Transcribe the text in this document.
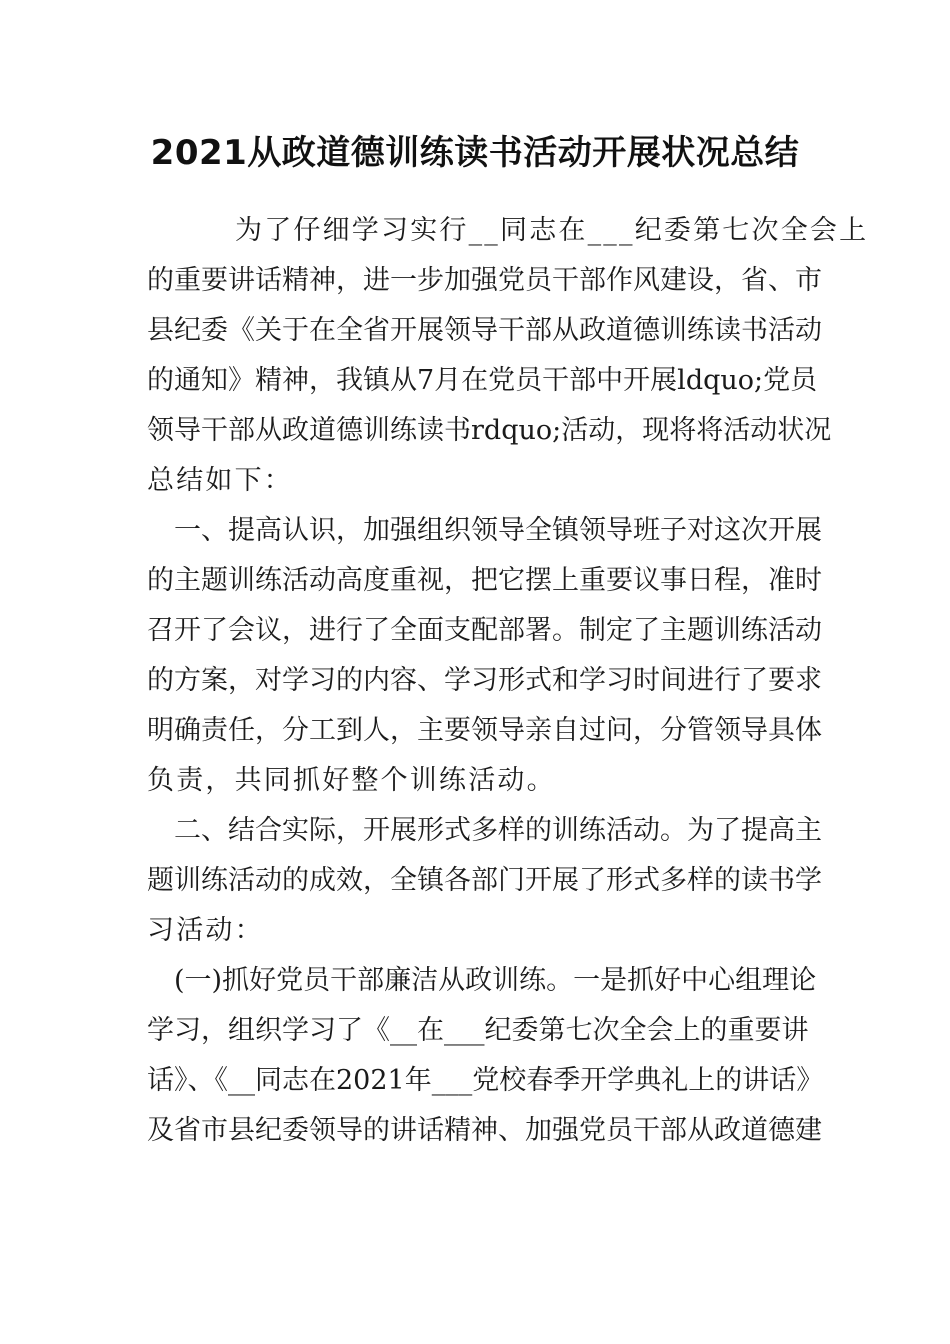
2021从政道德训练读书活动开展状况总结
为了仔细学习实行__同志在___纪委第七次全会上
的重要讲话精神，进一步加强党员干部作风建设，省、市
县纪委《关于在全省开展领导干部从政道德训练读书活动
的通知》精神，我镇从7月在党员干部中开展ldquo;党员
领导干部从政道德训练读书rdquo;活动，现将将活动状况
总结如下：
一、提高认识，加强组织领导全镇领导班子对这次开展
的主题训练活动高度重视，把它摆上重要议事日程，准时
召开了会议，进行了全面支配部署。制定了主题训练活动
的方案，对学习的内容、学习形式和学习时间进行了要求
明确责任，分工到人，主要领导亲自过问，分管领导具体
负责，共同抓好整个训练活动。
二、结合实际，开展形式多样的训练活动。为了提高主
题训练活动的成效，全镇各部门开展了形式多样的读书学
习活动：
(一)抓好党员干部廉洁从政训练。一是抓好中心组理论
学习，组织学习了《__在___纪委第七次全会上的重要讲
话》、《__同志在2021年___党校春季开学典礼上的讲话》
及省市县纪委领导的讲话精神、加强党员干部从政道德建
